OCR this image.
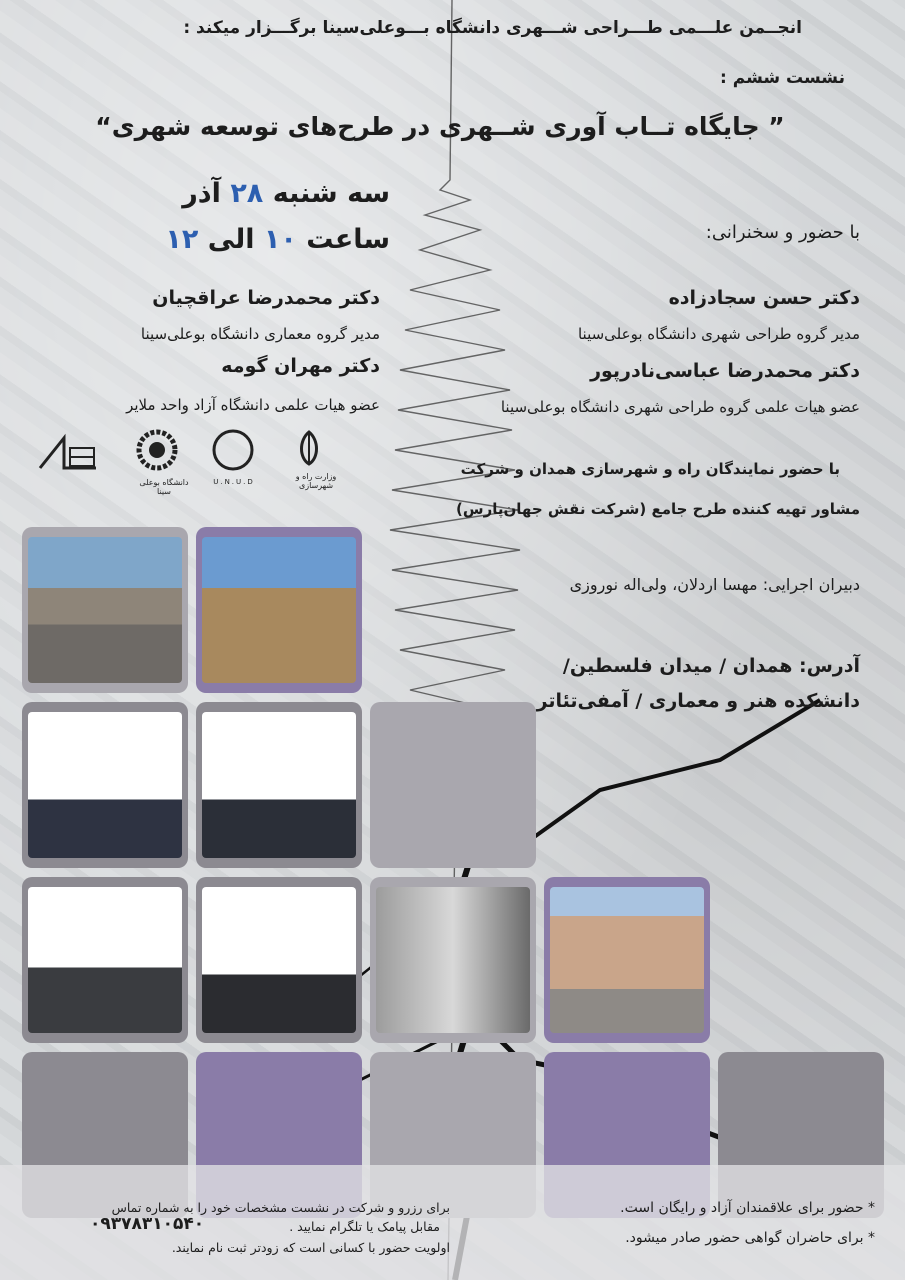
انجــمن علـــمی طـــراحی شـــهری دانشگاه بـــوعلی‌سینا برگـــزار میکند :
نشست ششم :
” جایگاه تــاب آوری شــهری در طرح‌های توسعه شهری“
سه شنبه ۲۸ آذر
ساعت ۱۰ الی ۱۲	با حضور و سخنرانی:
دکتر حسن سجادزاده
مدیر گروه طراحی شهری دانشگاه بوعلی‌سینا
دکتر محمدرضا عباسی‌نادرپور
عضو هیات علمی گروه طراحی شهری دانشگاه بوعلی‌سینا
دکتر محمدرضا عراقچیان
مدیر گروه معماری دانشگاه بوعلی‌سینا
دکتر مهران گومه
عضو هیات علمی دانشگاه آزاد واحد ملایر
دانشگاه بوعلی سینا
U.N.U.D
وزارت راه و شهرسازی
با حضور نمایندگان راه و شهرسازی همدان و شرکت
مشاور تهیه کننده طرح جامع (شرکت نقش جهان‌پارس)
دبیران اجرایی: مهسا اردلان، ولی‌اله نوروزی
آدرس: همدان / میدان فلسطین/
دانشکده هنر و معماری / آمفی‌تئاتر
برای رزرو و شرکت در نشست مشخصات خود را به شماره تماس
۰۹۳۷۸۳۱۰۵۴۰	مقابل پیامک یا تلگرام نمایید .
اولویت حضور با کسانی است که زودتر ثبت نام نمایند.
* حضور برای علاقمندان آزاد و رایگان است.
* برای حاضران گواهی حضور صادر میشود.
